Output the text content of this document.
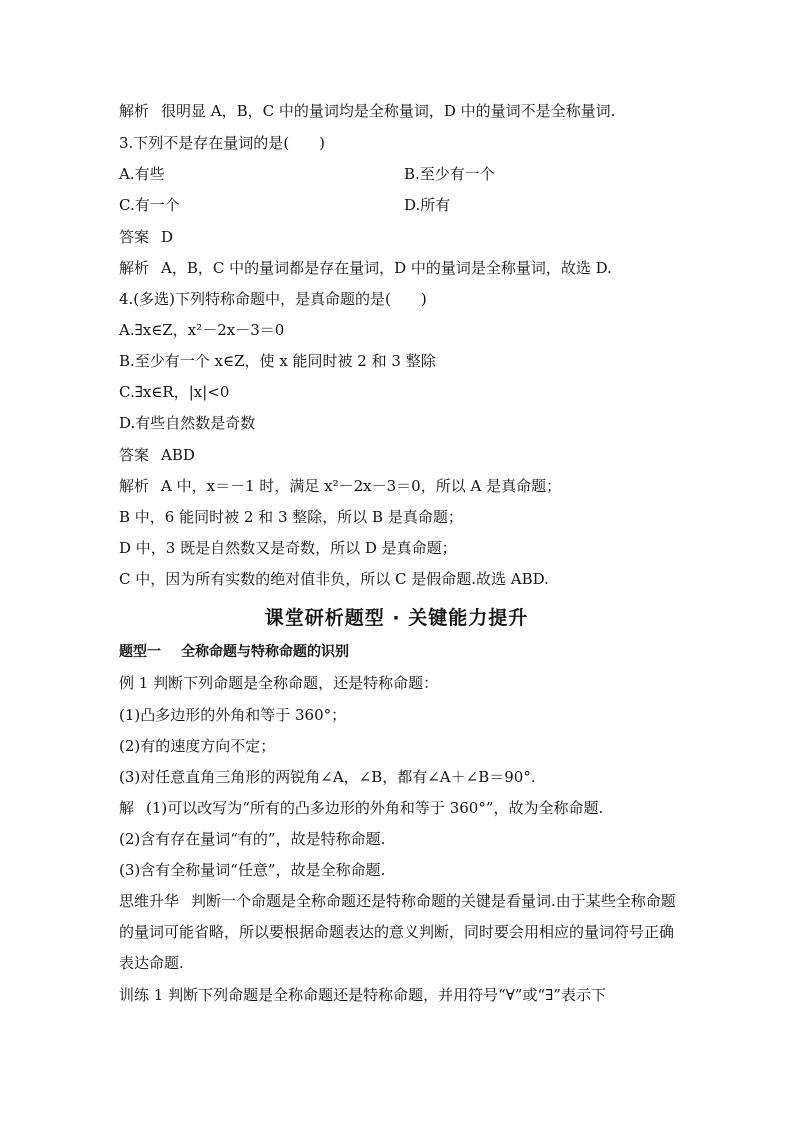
解析 很明显 A，B，C 中的量词均是全称量词，D 中的量词不是全称量词.
3.下列不是存在量词的是(　　)
A.有些	B.至少有一个
C.有一个	D.所有
答案 D
解析 A，B，C 中的量词都是存在量词，D 中的量词是全称量词，故选 D.
4.(多选)下列特称命题中，是真命题的是(　　)
A.∃x∈Z，x²－2x－3＝0
B.至少有一个 x∈Z，使 x 能同时被 2 和 3 整除
C.∃x∈R，|x|<0
D.有些自然数是奇数
答案 ABD
解析 A 中，x＝－1 时，满足 x²－2x－3＝0，所以 A 是真命题；
B 中，6 能同时被 2 和 3 整除，所以 B 是真命题；
D 中，3 既是自然数又是奇数，所以 D 是真命题；
C 中，因为所有实数的绝对值非负，所以 C 是假命题.故选 ABD.
课堂研析题型 · 关键能力提升
题型一 全称命题与特称命题的识别
例 1 判断下列命题是全称命题，还是特称命题：
(1)凸多边形的外角和等于 360°；
(2)有的速度方向不定；
(3)对任意直角三角形的两锐角∠A，∠B，都有∠A＋∠B＝90°.
解 (1)可以改写为“所有的凸多边形的外角和等于 360°”，故为全称命题.
(2)含有存在量词“有的”，故是特称命题.
(3)含有全称量词“任意”，故是全称命题.
思维升华 判断一个命题是全称命题还是特称命题的关键是看量词.由于某些全称命题的量词可能省略，所以要根据命题表达的意义判断，同时要会用相应的量词符号正确表达命题.
训练 1 判断下列命题是全称命题还是特称命题，并用符号“∀”或“∃”表示下
